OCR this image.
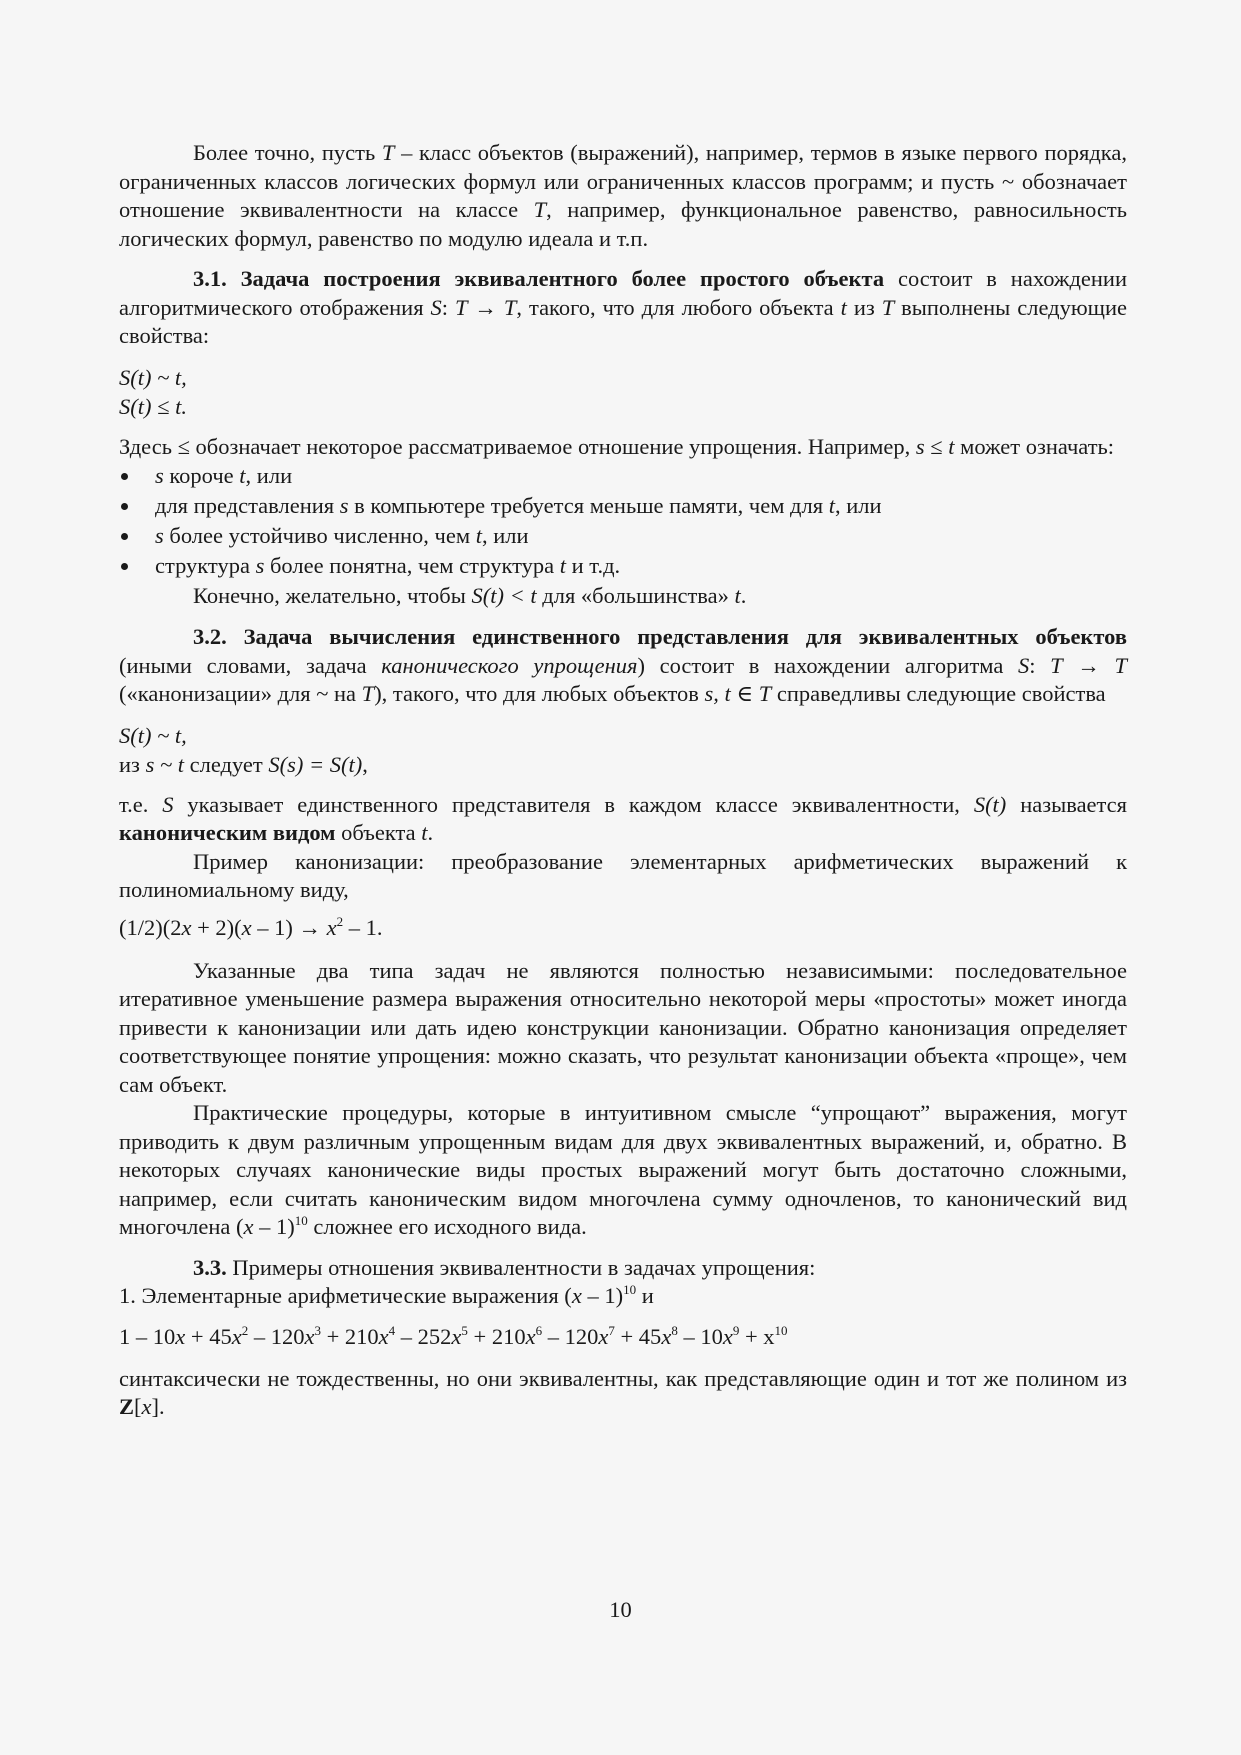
Более точно, пусть T – класс объектов (выражений), например, термов в языке первого порядка, ограниченных классов логических формул или ограниченных классов программ; и пусть ~ обозначает отношение эквивалентности на классе T, например, функциональное равенство, равносильность логических формул, равенство по модулю идеала и т.п.

3.1. Задача построения эквивалентного более простого объекта состоит в нахождении алгоритмического отображения S: T → T, такого, что для любого объекта t из T выполнены следующие свойства:

S(t) ~ t,

S(t) ≤ t.

Здесь ≤ обозначает некоторое рассматриваемое отношение упрощения. Например, s ≤ t может означать:

s короче t, или
для представления s в компьютере требуется меньше памяти, чем для t, или
s более устойчиво численно, чем t, или
структура s более понятна, чем структура t и т.д.

Конечно, желательно, чтобы S(t) < t для «большинства» t.

3.2. Задача вычисления единственного представления для эквивалентных объектов (иными словами, задача канонического упрощения) состоит в нахождении алгоритма S: T → T («канонизации» для ~ на T), такого, что для любых объектов s, t ∈ T справедливы следующие свойства

S(t) ~ t,

из s ~ t следует S(s) = S(t),

т.е. S указывает единственного представителя в каждом классе эквивалентности, S(t) называется каноническим видом объекта t.

Пример канонизации: преобразование элементарных арифметических выражений к полиномиальному виду,

$(1/2)(2x + 2)(x - 1) \to x^2 - 1$.

Указанные два типа задач не являются полностью независимыми: последовательное итеративное уменьшение размера выражения относительно некоторой меры «простоты» может иногда привести к канонизации или дать идею конструкции канонизации. Обратно канонизация определяет соответствующее понятие упрощения: можно сказать, что результат канонизации объекта «проще», чем сам объект.

Практические процедуры, которые в интуитивном смысле “упрощают” выражения, могут приводить к двум различным упрощенным видам для двух эквивалентных выражений, и, обратно. В некоторых случаях канонические виды простых выражений могут быть достаточно сложными, например, если считать каноническим видом многочлена сумму одночленов, то канонический вид многочлена (x – 1)$^{10}$ сложнее его исходного вида.

3.3. Примеры отношения эквивалентности в задачах упрощения:

1. Элементарные арифметические выражения (x – 1)$^{10}$ и

$1 - 10x + 45x^2 - 120x^3 + 210x^4 - 252x^5 + 210x^6 - 120x^7 + 45x^8 - 10x^9 + x^{10}$

синтаксически не тождественны, но они эквивалентны, как представляющие один и тот же полином из Z[x].

10
